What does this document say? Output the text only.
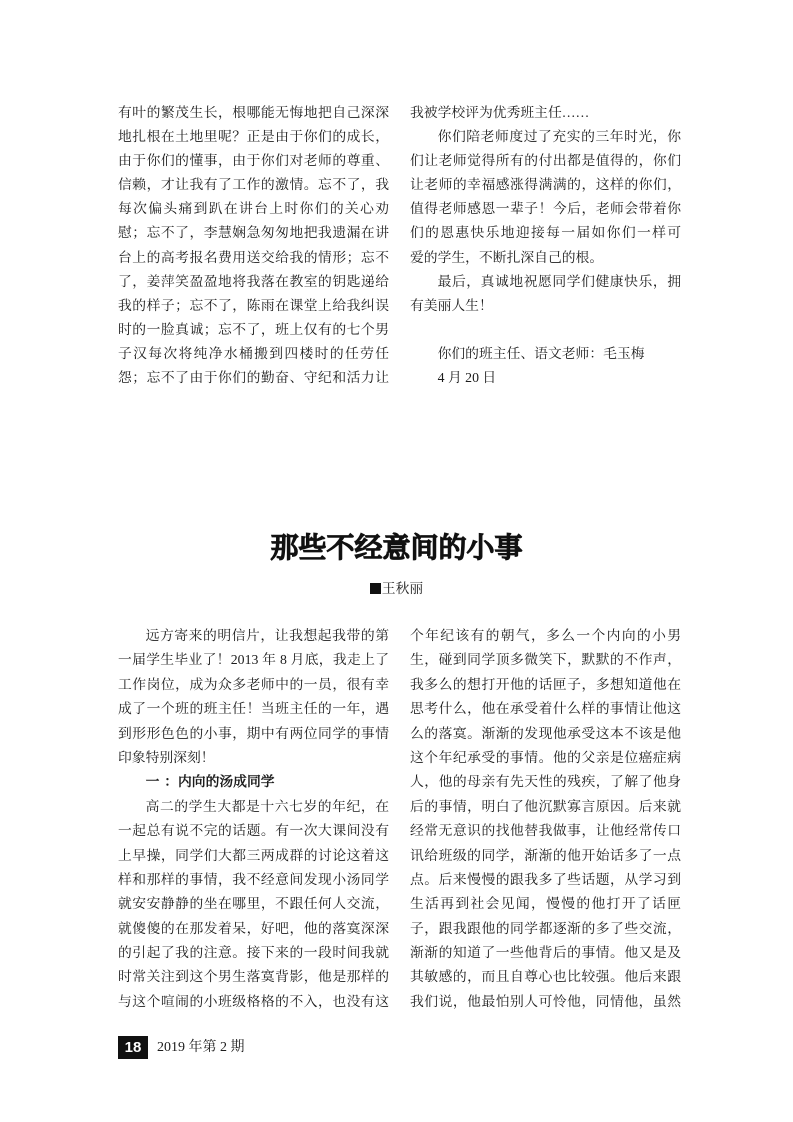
有叶的繁茂生长，根哪能无悔地把自己深深
地扎根在土地里呢？正是由于你们的成长，
由于你们的懂事，由于你们对老师的尊重、
信赖，才让我有了工作的激情。忘不了，我
每次偏头痛到趴在讲台上时你们的关心劝
慰；忘不了，李慧娴急匆匆地把我遗漏在讲
台上的高考报名费用送交给我的情形；忘不
了，姜萍笑盈盈地将我落在教室的钥匙递给
我的样子；忘不了，陈雨在课堂上给我纠误
时的一脸真诚；忘不了，班上仅有的七个男
子汉每次将纯净水桶搬到四楼时的任劳任
怨；忘不了由于你们的勤奋、守纪和活力让
我被学校评为优秀班主任……
你们陪老师度过了充实的三年时光，你
们让老师觉得所有的付出都是值得的，你们
让老师的幸福感涨得满满的，这样的你们，
值得老师感恩一辈子！今后，老师会带着你
们的恩惠快乐地迎接每一届如你们一样可
爱的学生，不断扎深自己的根。
最后，真诚地祝愿同学们健康快乐，拥
有美丽人生！
你们的班主任、语文老师：毛玉梅
4 月 20 日
那些不经意间的小事
王秋丽
远方寄来的明信片，让我想起我带的第
一届学生毕业了！2013 年 8 月底，我走上了
工作岗位，成为众多老师中的一员，很有幸
成了一个班的班主任！当班主任的一年，遇
到形形色色的小事，期中有两位同学的事情
印象特别深刻！
一 ：内向的汤成同学
高二的学生大都是十六七岁的年纪，在
一起总有说不完的话题。有一次大课间没有
上早操，同学们大都三两成群的讨论这着这
样和那样的事情，我不经意间发现小汤同学
就安安静静的坐在哪里，不跟任何人交流，
就傻傻的在那发着呆，好吧，他的落寞深深
的引起了我的注意。接下来的一段时间我就
时常关注到这个男生落寞背影，他是那样的
与这个喧闹的小班级格格的不入，也没有这
个年纪该有的朝气，多么一个内向的小男
生，碰到同学顶多微笑下，默默的不作声，
我多么的想打开他的话匣子，多想知道他在
思考什么，他在承受着什么样的事情让他这
么的落寞。渐渐的发现他承受这本不该是他
这个年纪承受的事情。他的父亲是位癌症病
人，他的母亲有先天性的残疾，了解了他身
后的事情，明白了他沉默寡言原因。后来就
经常无意识的找他替我做事，让他经常传口
讯给班级的同学，渐渐的他开始话多了一点
点。后来慢慢的跟我多了些话题，从学习到
生活再到社会见闻，慢慢的他打开了话匣
子，跟我跟他的同学都逐渐的多了些交流，
渐渐的知道了一些他背后的事情。他又是及
其敏感的，而且自尊心也比较强。他后来跟
我们说，他最怕别人可怜他，同情他，虽然
18	2019 年第 2 期
